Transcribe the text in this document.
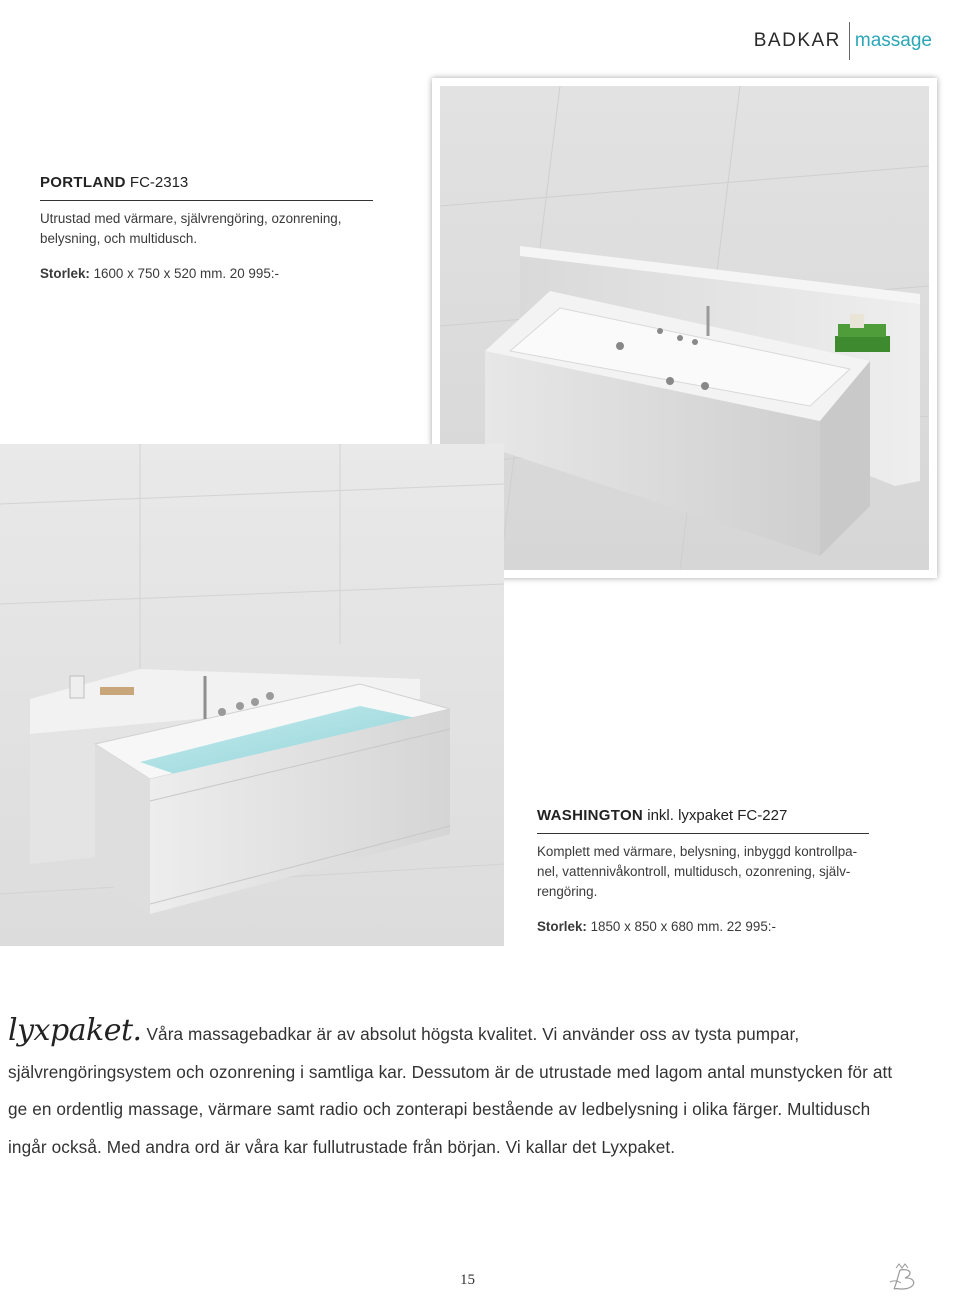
BADKAR massage
PORTLAND FC-2313
Utrustad med värmare, självrengöring, ozonrening,
belysning, och multidusch.
Storlek: 1600 x 750 x 520 mm. 20 995:-
WASHINGTON inkl. lyxpaket FC-227
Komplett med värmare, belysning, inbyggd kontrollpa-
nel, vattennivåkontroll, multidusch, ozonrening, själv-
rengöring.
Storlek: 1850 x 850 x 680 mm. 22 995:-
lyxpaket. Våra massagebadkar är av absolut högsta kvalitet. Vi använder oss av tysta pumpar, självrengöringsystem och ozonrening i samtliga kar. Dessutom är de utrustade med lagom antal munstycken för att ge en ordentlig massage, värmare samt radio och zonterapi bestående av ledbelysning i olika färger. Multidusch ingår också. Med andra ord är våra kar fullutrustade från början. Vi kallar det Lyxpaket.
15
